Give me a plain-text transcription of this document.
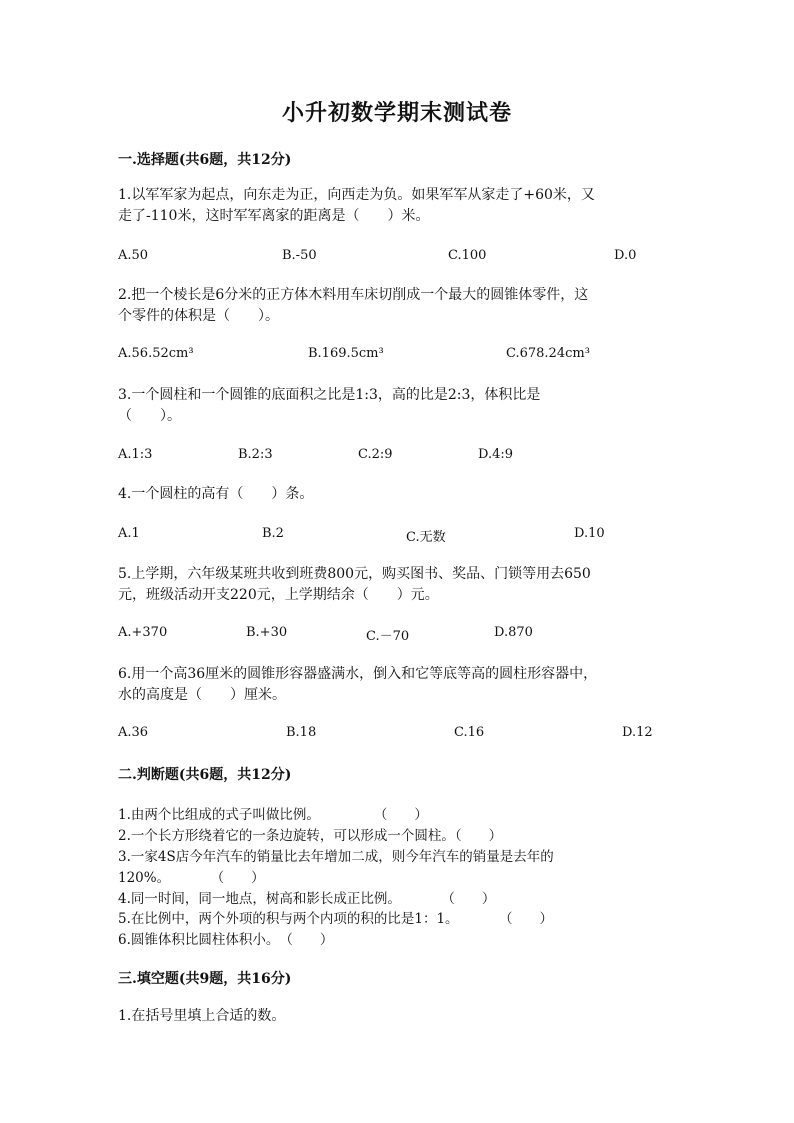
小升初数学期末测试卷
一.选择题(共6题，共12分)
1.以军军家为起点，向东走为正，向西走为负。如果军军从家走了+60米，又
走了-110米，这时军军离家的距离是（　　）米。
A.50	B.-50	C.100	D.0
2.把一个棱长是6分米的正方体木料用车床切削成一个最大的圆锥体零件，这
个零件的体积是（　　）。
A.56.52cm³	B.169.5cm³	C.678.24cm³
3.一个圆柱和一个圆锥的底面积之比是1:3，高的比是2:3，体积比是
（　　）。
A.1:3	B.2:3	C.2:9	D.4:9
4.一个圆柱的高有（　　）条。
A.1	B.2	C.无数	D.10
5.上学期，六年级某班共收到班费800元，购买图书、奖品、门锁等用去650
元，班级活动开支220元，上学期结余（　　）元。
A.+370	B.+30	C.－70	D.870
6.用一个高36厘米的圆锥形容器盛满水，倒入和它等底等高的圆柱形容器中，
水的高度是（　　）厘米。
A.36	B.18	C.16	D.12
二.判断题(共6题，共12分)
1.由两个比组成的式子叫做比例。　　　　　（　　）
2.一个长方形绕着它的一条边旋转，可以形成一个圆柱。（　　）
3.一家4S店今年汽车的销量比去年增加二成，则今年汽车的销量是去年的
120%。　　　　（　　）
4.同一时间，同一地点，树高和影长成正比例。　　　　（　　）
5.在比例中，两个外项的积与两个内项的积的比是1：1。　　　　（　　）
6.圆锥体积比圆柱体积小。　（　　）
三.填空题(共9题，共16分)
1.在括号里填上合适的数。
